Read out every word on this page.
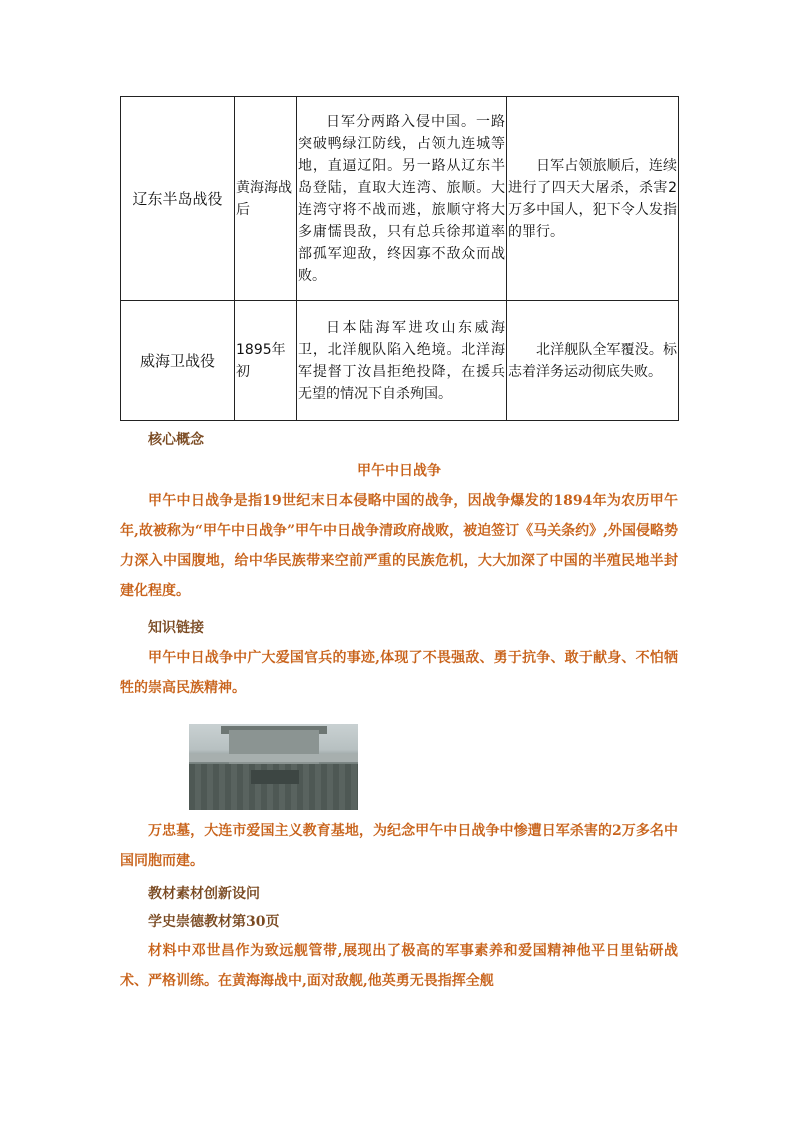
辽东半岛战役	黄海海战后	日军分两路入侵中国。一路突破鸭绿江防线，占领九连城等地，直逼辽阳。另一路从辽东半岛登陆，直取大连湾、旅顺。大连湾守将不战而逃，旅顺守将大多庸懦畏敌，只有总兵徐邦道率部孤军迎敌，终因寡不敌众而战败。	日军占领旅顺后，连续进行了四天大屠杀，杀害2万多中国人，犯下令人发指的罪行。

威海卫战役	1895年初	日本陆海军进攻山东威海卫，北洋舰队陷入绝境。北洋海军提督丁汝昌拒绝投降，在援兵无望的情况下自杀殉国。	北洋舰队全军覆没。标志着洋务运动彻底失败。

核心概念

甲午中日战争

甲午中日战争是指19世纪末日本侵略中国的战争，因战争爆发的1894年为农历甲午年,故被称为“甲午中日战争”甲午中日战争清政府战败，被迫签订《马关条约》,外国侵略势力深入中国腹地，给中华民族带来空前严重的民族危机，大大加深了中国的半殖民地半封建化程度。

知识链接

甲午中日战争中广大爱国官兵的事迹,体现了不畏强敌、勇于抗争、敢于献身、不怕牺牲的崇高民族精神。

万忠墓，大连市爱国主义教育基地，为纪念甲午中日战争中惨遭日军杀害的2万多名中国同胞而建。

教材素材创新设问

学史崇德教材第30页

材料中邓世昌作为致远舰管带,展现出了极高的军事素养和爱国精神他平日里钻研战术、严格训练。在黄海海战中,面对敌舰,他英勇无畏指挥全舰
